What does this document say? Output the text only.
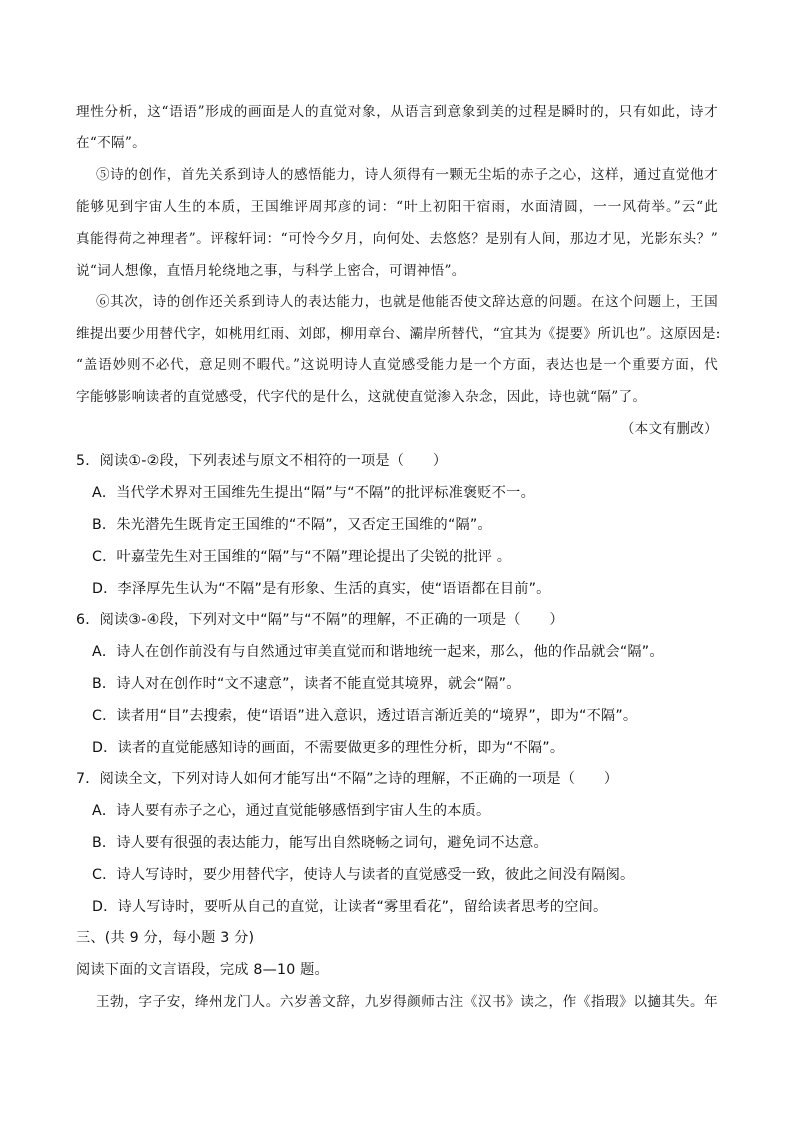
理性分析，这“语语”形成的画面是人的直觉对象，从语言到意象到美的过程是瞬时的，只有如此，诗才
在“不隔”。
⑤诗的创作，首先关系到诗人的感悟能力，诗人须得有一颗无尘垢的赤子之心，这样，通过直觉他才
能够见到宇宙人生的本质，王国维评周邦彦的词：“叶上初阳干宿雨，水面清圆，一一风荷举。”云“此
真能得荷之神理者”。评稼轩词：“可怜今夕月，向何处、去悠悠？是别有人间，那边才见，光影东头？”
说“词人想像，直悟月轮绕地之事，与科学上密合，可谓神悟”。
⑥其次，诗的创作还关系到诗人的表达能力，也就是他能否使文辞达意的问题。在这个问题上，王国
维提出要少用替代字，如桃用红雨、刘郎，柳用章台、灞岸所替代，“宜其为《提要》所讥也”。这原因是:
“盖语妙则不必代，意足则不暇代。”这说明诗人直觉感受能力是一个方面，表达也是一个重要方面，代
字能够影响读者的直觉感受，代字代的是什么，这就使直觉渗入杂念，因此，诗也就“隔”了。
（本文有删改）
5．阅读①-②段，下列表述与原文不相符的一项是（　　）
A．当代学术界对王国维先生提出“隔”与“不隔”的批评标准褒贬不一。
B．朱光潜先生既肯定王国维的“不隔”，又否定王国维的“隔”。
C．叶嘉莹先生对王国维的“隔”与“不隔”理论提出了尖锐的批评 。
D．李泽厚先生认为“不隔”是有形象、生活的真实，使“语语都在目前”。
6．阅读③-④段，下列对文中“隔”与“不隔”的理解，不正确的一项是（　　）
A．诗人在创作前没有与自然通过审美直觉而和谐地统一起来，那么，他的作品就会“隔”。
B．诗人对在创作时“文不逮意”，读者不能直觉其境界，就会“隔”。
C．读者用“目”去搜索，使“语语”进入意识，透过语言渐近美的“境界”，即为“不隔”。
D．读者的直觉能感知诗的画面，不需要做更多的理性分析，即为“不隔”。
7．阅读全文，下列对诗人如何才能写出“不隔”之诗的理解，不正确的一项是（　　）
A．诗人要有赤子之心，通过直觉能够感悟到宇宙人生的本质。
B．诗人要有很强的表达能力，能写出自然晓畅之词句，避免词不达意。
C．诗人写诗时，要少用替代字，使诗人与读者的直觉感受一致，彼此之间没有隔阂。
D．诗人写诗时，要听从自己的直觉，让读者“雾里看花”，留给读者思考的空间。
三、(共 9 分，每小题 3 分)
阅读下面的文言语段，完成 8—10 题。
王勃，字子安，绛州龙门人。六岁善文辞，九岁得颜师古注《汉书》读之，作《指瑕》以擿其失。年
